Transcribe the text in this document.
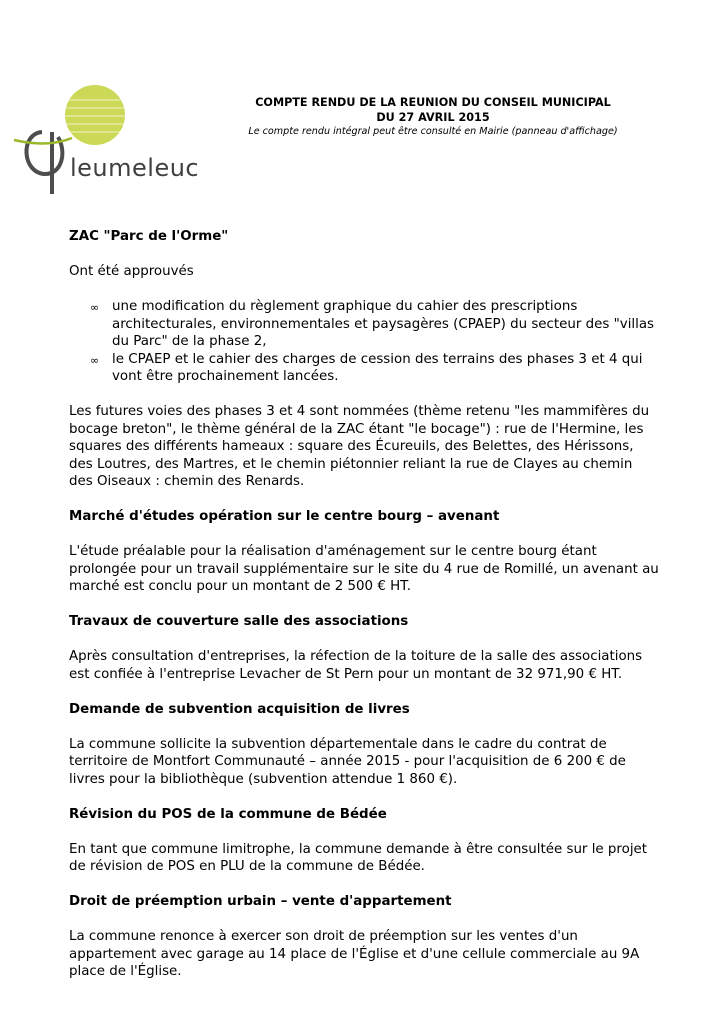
leumeleuc
COMPTE RENDU DE LA REUNION DU CONSEIL MUNICIPAL
DU 27 AVRIL 2015
Le compte rendu intégral peut être consulté en Mairie (panneau d'affichage)

ZAC "Parc de l'Orme"

Ont été approuvés

∞ une modification du règlement graphique du cahier des prescriptions architecturales, environnementales et paysagères (CPAEP) du secteur des "villas du Parc" de la phase 2,
∞ le CPAEP et le cahier des charges de cession des terrains des phases 3 et 4 qui vont être prochainement lancées.

Les futures voies des phases 3 et 4 sont nommées (thème retenu "les mammifères du bocage breton", le thème général de la ZAC étant "le bocage") : rue de l'Hermine, les squares des différents hameaux : square des Écureuils, des Belettes, des Hérissons, des Loutres, des Martres, et le chemin piétonnier reliant la rue de Clayes au chemin des Oiseaux : chemin des Renards.

Marché d'études opération sur le centre bourg – avenant

L'étude préalable pour la réalisation d'aménagement sur le centre bourg étant prolongée pour un travail supplémentaire sur le site du 4 rue de Romillé, un avenant au marché est conclu pour un montant de 2 500 € HT.

Travaux de couverture salle des associations

Après consultation d'entreprises, la réfection de la toiture de la salle des associations est confiée à l'entreprise Levacher de St Pern pour un montant de 32 971,90 € HT.

Demande de subvention acquisition de livres

La commune sollicite la subvention départementale dans le cadre du contrat de territoire de Montfort Communauté – année 2015 - pour l'acquisition de 6 200 € de livres pour la bibliothèque (subvention attendue 1 860 €).

Révision du POS de la commune de Bédée

En tant que commune limitrophe, la commune demande à être consultée sur le projet de révision de POS en PLU de la commune de Bédée.

Droit de préemption urbain – vente d'appartement

La commune renonce à exercer son droit de préemption sur les ventes d'un appartement avec garage au 14 place de l'Église et d'une cellule commerciale au 9A place de l'Église.
